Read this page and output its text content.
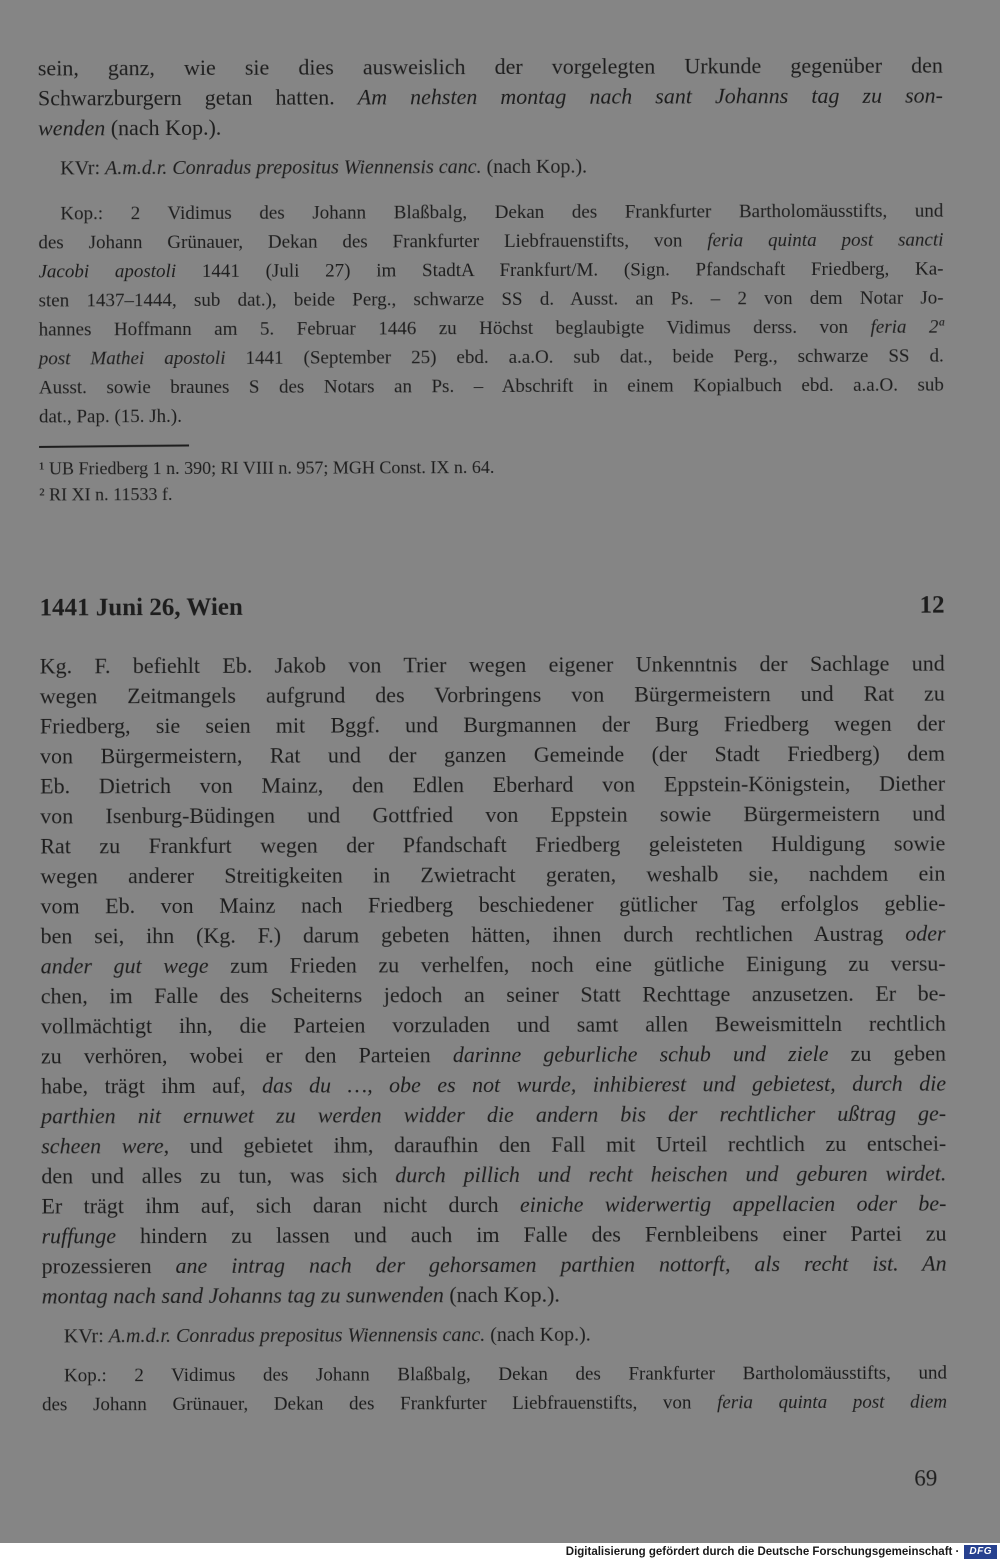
sein, ganz, wie sie dies ausweislich der vorgelegten Urkunde gegenüber den
Schwarzburgern getan hatten. Am nehsten montag nach sant Johanns tag zu son-
wenden (nach Kop.).
KVr: A.m.d.r. Conradus prepositus Wiennensis canc. (nach Kop.).
Kop.: 2 Vidimus des Johann Blaßbalg, Dekan des Frankfurter Bartholomäusstifts, und
des Johann Grünauer, Dekan des Frankfurter Liebfrauenstifts, von feria quinta post sancti
Jacobi apostoli 1441 (Juli 27) im StadtA Frankfurt/M. (Sign. Pfandschaft Friedberg, Ka-
sten 1437–1444, sub dat.), beide Perg., schwarze SS d. Ausst. an Ps. – 2 von dem Notar Jo-
hannes Hoffmann am 5. Februar 1446 zu Höchst beglaubigte Vidimus derss. von feria 2ª
post Mathei apostoli 1441 (September 25) ebd. a.a.O. sub dat., beide Perg., schwarze SS d.
Ausst. sowie braunes S des Notars an Ps. – Abschrift in einem Kopialbuch ebd. a.a.O. sub
dat., Pap. (15. Jh.).
¹ UB Friedberg 1 n. 390; RI VIII n. 957; MGH Const. IX n. 64.
² RI XI n. 11533 f.
1441 Juni 26, Wien	12
Kg. F. befiehlt Eb. Jakob von Trier wegen eigener Unkenntnis der Sachlage und
wegen Zeitmangels aufgrund des Vorbringens von Bürgermeistern und Rat zu
Friedberg, sie seien mit Bggf. und Burgmannen der Burg Friedberg wegen der
von Bürgermeistern, Rat und der ganzen Gemeinde (der Stadt Friedberg) dem
Eb. Dietrich von Mainz, den Edlen Eberhard von Eppstein-Königstein, Diether
von Isenburg-Büdingen und Gottfried von Eppstein sowie Bürgermeistern und
Rat zu Frankfurt wegen der Pfandschaft Friedberg geleisteten Huldigung sowie
wegen anderer Streitigkeiten in Zwietracht geraten, weshalb sie, nachdem ein
vom Eb. von Mainz nach Friedberg beschiedener gütlicher Tag erfolglos geblie-
ben sei, ihn (Kg. F.) darum gebeten hätten, ihnen durch rechtlichen Austrag oder
ander gut wege zum Frieden zu verhelfen, noch eine gütliche Einigung zu versu-
chen, im Falle des Scheiterns jedoch an seiner Statt Rechttage anzusetzen. Er be-
vollmächtigt ihn, die Parteien vorzuladen und samt allen Beweismitteln rechtlich
zu verhören, wobei er den Parteien darinne geburliche schub und ziele zu geben
habe, trägt ihm auf, das du …, obe es not wurde, inhibierest und gebietest, durch die
parthien nit ernuwet zu werden widder die andern bis der rechtlicher ußtrag ge-
scheen were, und gebietet ihm, daraufhin den Fall mit Urteil rechtlich zu entschei-
den und alles zu tun, was sich durch pillich und recht heischen und geburen wirdet.
Er trägt ihm auf, sich daran nicht durch einiche widerwertig appellacien oder be-
ruffunge hindern zu lassen und auch im Falle des Fernbleibens einer Partei zu
prozessieren ane intrag nach der gehorsamen parthien nottorft, als recht ist. An
montag nach sand Johanns tag zu sunwenden (nach Kop.).
KVr: A.m.d.r. Conradus prepositus Wiennensis canc. (nach Kop.).
Kop.: 2 Vidimus des Johann Blaßbalg, Dekan des Frankfurter Bartholomäusstifts, und
des Johann Grünauer, Dekan des Frankfurter Liebfrauenstifts, von feria quinta post diem
69
Digitalisierung gefördert durch die Deutsche Forschungsgemeinschaft ·	DFG
